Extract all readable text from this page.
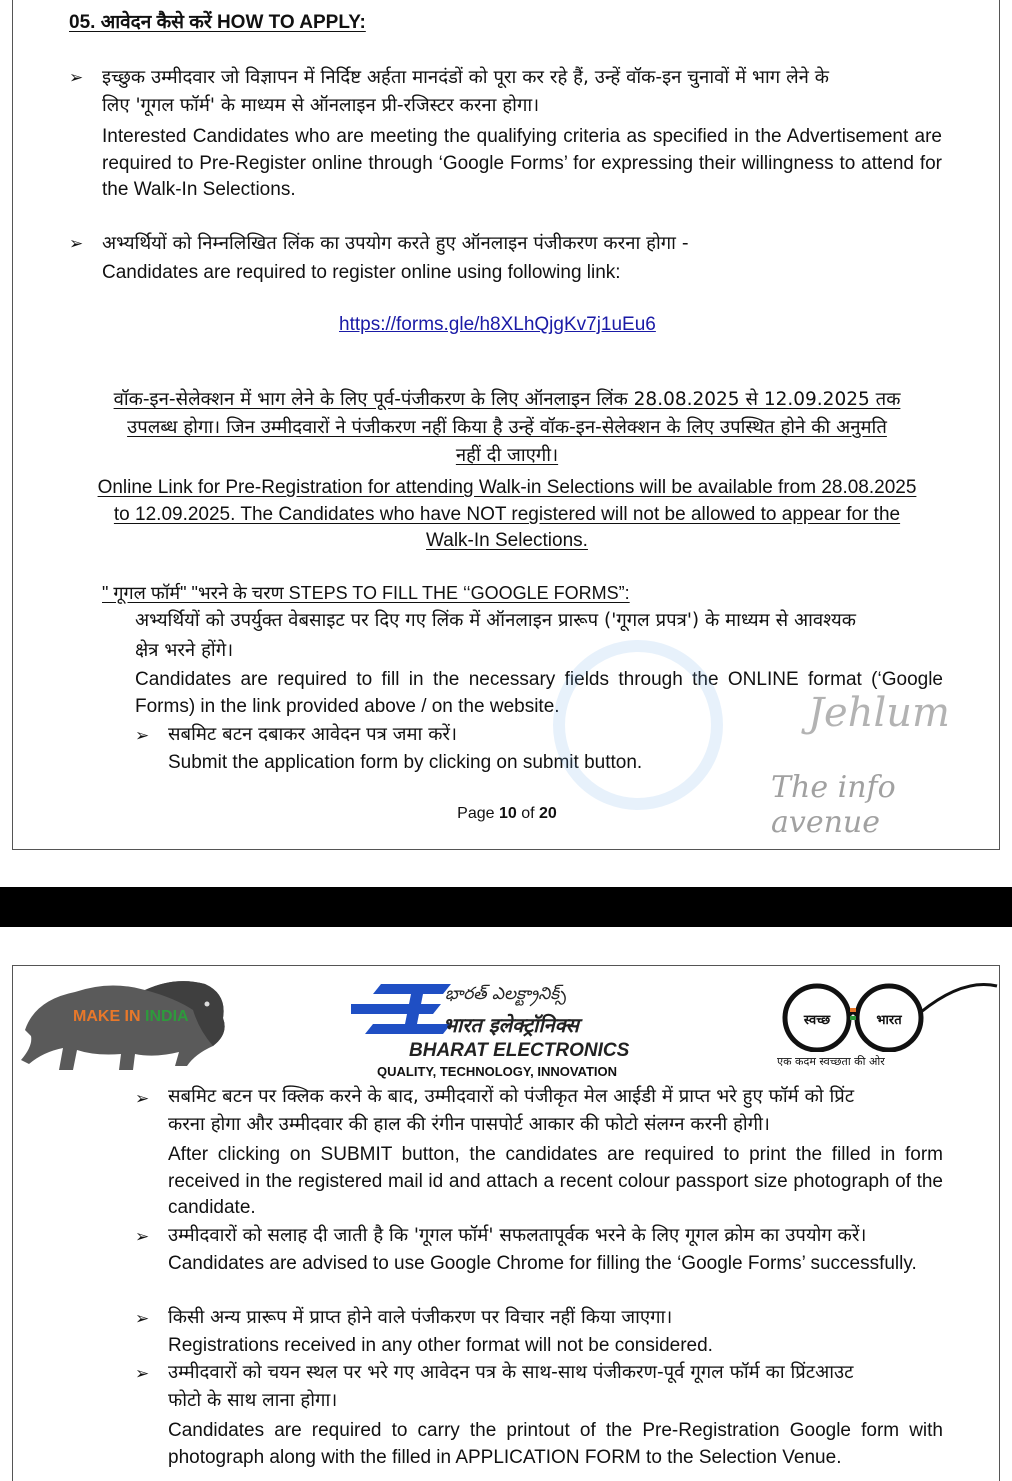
05. आवेदन कैसे करें HOW TO APPLY:
➢ इच्छुक उम्मीदवार जो विज्ञापन में निर्दिष्ट अर्हता मानदंडों को पूरा कर रहे हैं, उन्हें वॉक-इन चुनावों में भाग लेने के
लिए 'गूगल फॉर्म' के माध्यम से ऑनलाइन प्री-रजिस्टर करना होगा।
Interested Candidates who are meeting the qualifying criteria as specified in the Advertisement are required to Pre-Register online through ‘Google Forms’ for expressing their willingness to attend for the Walk-In Selections.
➢ अभ्यर्थियों को निम्नलिखित लिंक का उपयोग करते हुए ऑनलाइन पंजीकरण करना होगा -
Candidates are required to register online using following link:
https://forms.gle/h8XLhQjgKv7j1uEu6
वॉक-इन-सेलेक्शन में भाग लेने के लिए पूर्व-पंजीकरण के लिए ऑनलाइन लिंक 28.08.2025 से 12.09.2025 तक
उपलब्ध होगा। जिन उम्मीदवारों ने पंजीकरण नहीं किया है उन्हें वॉक-इन-सेलेक्शन के लिए उपस्थित होने की अनुमति
नहीं दी जाएगी।
Online Link for Pre-Registration for attending Walk-in Selections will be available from 28.08.2025
to 12.09.2025. The Candidates who have NOT registered will not be allowed to appear for the
Walk-In Selections.
" गूगल फॉर्म" "भरने के चरण STEPS TO FILL THE ‘‘GOOGLE FORMS”:
अभ्यर्थियों को उपर्युक्त वेबसाइट पर दिए गए लिंक में ऑनलाइन प्रारूप ('गूगल प्रपत्र') के माध्यम से आवश्यक
क्षेत्र भरने होंगे।
Candidates are required to fill in the necessary fields through the ONLINE format (‘Google Forms) in the link provided above / on the website.
➢ सबमिट बटन दबाकर आवेदन पत्र जमा करें।
Submit the application form by clicking on submit button.
Page 10 of 20
Jehlum
The info avenue
MAKE IN INDIA
భారత్ ఎలక్ట్రానిక్స్
भारत इलेक्ट्रॉनिक्स
BHARAT ELECTRONICS
QUALITY, TECHNOLOGY, INNOVATION
स्वच्छ	भारत
एक कदम स्वच्छता की ओर
➢ सबमिट बटन पर क्लिक करने के बाद, उम्मीदवारों को पंजीकृत मेल आईडी में प्राप्त भरे हुए फॉर्म को प्रिंट
करना होगा और उम्मीदवार की हाल की रंगीन पासपोर्ट आकार की फोटो संलग्न करनी होगी।
After clicking on SUBMIT button, the candidates are required to print the filled in form received in the registered mail id and attach a recent colour passport size photograph of the candidate.
➢ उम्मीदवारों को सलाह दी जाती है कि 'गूगल फॉर्म' सफलतापूर्वक भरने के लिए गूगल क्रोम का उपयोग करें।
Candidates are advised to use Google Chrome for filling the ‘Google Forms’ successfully.
➢ किसी अन्य प्रारूप में प्राप्त होने वाले पंजीकरण पर विचार नहीं किया जाएगा।
Registrations received in any other format will not be considered.
➢ उम्मीदवारों को चयन स्थल पर भरे गए आवेदन पत्र के साथ-साथ पंजीकरण-पूर्व गूगल फॉर्म का प्रिंटआउट
फोटो के साथ लाना होगा।
Candidates are required to carry the printout of the Pre-Registration Google form with photograph along with the filled in APPLICATION FORM to the Selection Venue.
